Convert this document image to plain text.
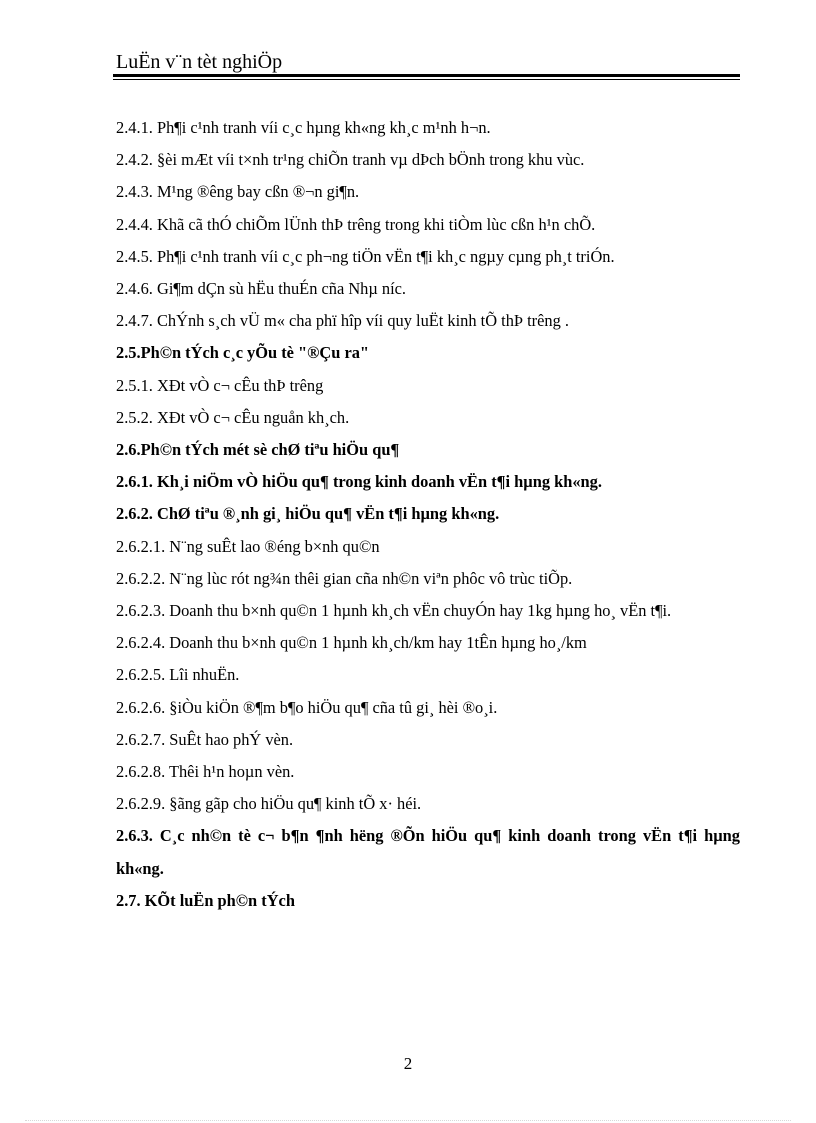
LuËn v¨n tèt nghiÖp

2.4.1. Ph¶i c¹nh tranh víi c¸c hµng kh«ng kh¸c m¹nh h¬n.

2.4.2. §èi mÆt víi t×nh tr¹ng chiÕn tranh vµ dÞch bÖnh trong khu vùc.

2.4.3. M¹ng ®êng bay cßn ®¬n gi¶n.

2.4.4. Khã cã thÓ chiÕm lÜnh thÞ trêng trong khi tiÒm lùc cßn h¹n chÕ.

2.4.5. Ph¶i c¹nh tranh víi c¸c ph¬ng tiÖn vËn t¶i kh¸c ngµy cµng ph¸t triÓn.

2.4.6. Gi¶m dÇn sù hËu thuÉn cña Nhµ níc.

2.4.7. ChÝnh s¸ch vÜ m« cha phï hîp víi quy luËt kinh tÕ thÞ trêng .

2.5.Ph©n tÝch c¸c yÕu tè "®Çu ra"

2.5.1. XÐt vÒ c¬ cÊu thÞ trêng

2.5.2. XÐt vÒ c¬ cÊu nguån kh¸ch.

2.6.Ph©n tÝch mét sè chØ tiªu hiÖu qu¶

2.6.1. Kh¸i niÖm vÒ hiÖu qu¶ trong kinh doanh vËn t¶i hµng kh«ng.

2.6.2. ChØ tiªu ®¸nh gi¸ hiÖu qu¶ vËn t¶i hµng kh«ng.

2.6.2.1. N¨ng suÊt lao ®éng b×nh qu©n

2.6.2.2. N¨ng lùc rót ng¾n thêi gian cña nh©n viªn phôc vô trùc tiÕp.

2.6.2.3. Doanh thu b×nh qu©n 1 hµnh kh¸ch vËn chuyÓn hay 1kg hµng ho¸ vËn t¶i.

2.6.2.4. Doanh thu b×nh qu©n 1 hµnh kh¸ch/km hay 1tÊn hµng ho¸/km

2.6.2.5. Lîi nhuËn.

2.6.2.6. §iÒu kiÖn ®¶m b¶o hiÖu qu¶ cña tû gi¸ hèi ®o¸i.

2.6.2.7. SuÊt hao phÝ vèn.

2.6.2.8. Thêi h¹n hoµn vèn.

2.6.2.9. §ãng gãp cho hiÖu qu¶ kinh tÕ x· héi.

2.6.3. C¸c nh©n tè c¬ b¶n ¶nh hëng ®Õn hiÖu qu¶ kinh doanh trong vËn t¶i hµng kh«ng.

2.7. KÕt luËn ph©n tÝch

2
